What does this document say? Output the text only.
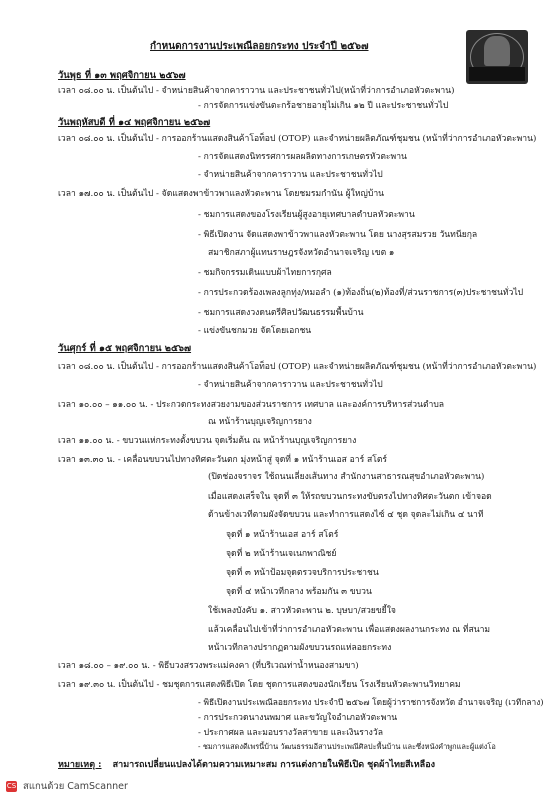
กำหนดการงานประเพณีลอยกระทง ประจำปี ๒๕๖๗
วันพุธ ที่ ๑๓ พฤศจิกายน ๒๕๖๗
เวลา ๐๘.๐๐ น. เป็นต้นไป - จำหน่ายสินค้าจากคาราวาน และประชาชนทั่วไป(หน้าที่ว่าการอำเภอหัวตะพาน)
- การจัดการแข่งขันตะกร้อชายอายุไม่เกิน ๑๒ ปี และประชาชนทั่วไป
วันพฤหัสบดี ที่ ๑๔ พฤศจิกายน ๒๕๖๗
เวลา ๐๘.๐๐ น. เป็นต้นไป - การออกร้านแสดงสินค้าโอท็อป (OTOP) และจำหน่ายผลิตภัณฑ์ชุมชน (หน้าที่ว่าการอำเภอหัวตะพาน)
- การจัดแสดงนิทรรศการผลผลิตทางการเกษตรหัวตะพาน
- จำหน่ายสินค้าจากคาราวาน และประชาชนทั่วไป
เวลา ๑๗.๐๐ น. เป็นต้นไป - จัดแสดงพาข้าวพาแลงหัวตะพาน โดยชมรมกำนัน ผู้ใหญ่บ้าน
- ชมการแสดงของโรงเรียนผู้สูงอายุเทศบาลตำบลหัวตะพาน
- พิธีเปิดงาน จัดแสดงพาข้าวพาแลงหัวตะพาน โดย นางสุรสมรวย วันทนียกุล
สมาชิกสภาผู้แทนราษฎรจังหวัดอำนาจเจริญ เขต ๑
- ชมกิจกรรมเดินแบบผ้าไทยการกุศล
- การประกวดร้องเพลงลูกทุ่ง/หมอลำ (๑)ท้องถิ่น(๒)ท้องที่/ส่วนราชการ(๓)ประชาชนทั่วไป
- ชมการแสดงวงดนตรีศิลปวัฒนธรรมพื้นบ้าน
- แข่งขันชกมวย จัดโดยเอกชน
วันศุกร์ ที่ ๑๕ พฤศจิกายน ๒๕๖๗
เวลา ๐๘.๐๐ น. เป็นต้นไป - การออกร้านแสดงสินค้าโอท็อป (OTOP) และจำหน่ายผลิตภัณฑ์ชุมชน (หน้าที่ว่าการอำเภอหัวตะพาน)
- จำหน่ายสินค้าจากคาราวาน และประชาชนทั่วไป
เวลา ๑๐.๐๐ – ๑๑.๐๐ น. - ประกวดกระทงสวยงามของส่วนราชการ เทศบาล และองค์การบริหารส่วนตำบล
ณ หน้าร้านบุญเจริญการยาง
เวลา ๑๑.๐๐ น. - ขบวนแห่กระทงตั้งขบวน จุดเริ่มต้น ณ หน้าร้านบุญเจริญการยาง
เวลา ๑๓.๓๐ น. - เคลื่อนขบวนไปทางทิศตะวันตก มุ่งหน้าสู่ จุดที่ ๑ หน้าร้านเอส อาร์ สโตร์
(ปิดช่องจราจร ใช้ถนนเลี่ยงเส้นทาง สำนักงานสาธารณสุขอำเภอหัวตะพาน)
เมื่อแสดงเสร็จใน จุดที่ ๓ ให้รถขบวนกระทงขับตรงไปทางทิศตะวันตก เข้าจอด
ด้านข้างเวทีตามผังจัดขบวน และทำการแสดงไซ์ ๔ ชุด จุดละไม่เกิน ๔ นาที
จุดที่ ๑ หน้าร้านเอส อาร์ สโตร์
จุดที่ ๒ หน้าร้านเจเนกพาณิชย์
จุดที่ ๓ หน้าป้อมจุดตรวจบริการประชาชน
จุดที่ ๔ หน้าเวทีกลาง พร้อมกัน ๓ ขบวน
ใช้เพลงบังคับ ๑. สาวหัวตะพาน ๒. บุษบา/สวยขยี้ใจ
แล้วเคลื่อนไปเข้าที่ว่าการอำเภอหัวตะพาน เพื่อแสดงผลงานกระทง ณ ที่สนาม
หน้าเวทีกลางปรากฏตามผังขบวนรถแห่ลอยกระทง
เวลา ๑๘.๐๐ – ๑๙.๐๐ น. - พิธีบวงสรวงพระแม่คงคา (ที่บริเวณท่าน้ำหนองสามขา)
เวลา ๑๙.๓๐ น. เป็นต้นไป - ชมชุดการแสดงพิธีเปิด โดย ชุดการแสดงของนักเรียน โรงเรียนหัวตะพานวิทยาคม
- พิธีเปิดงานประเพณีลอยกระทง ประจำปี ๒๕๖๗ โดยผู้ว่าราชการจังหวัด อำนาจเจริญ (เวทีกลาง)
- การประกวดนางนพมาศ และขวัญใจอำเภอหัวตะพาน
- ประกาศผล และมอบรางวัลสาขาย และเงินรางวัล
- ชมการแสดงดีเพรนี้บ้าน วัฒนธรรมอีสานประเพณีศิลปะพื้นบ้าน และซึ่งหนังคำพูกและผู้แต่งโอ
หมายเหตุ : สามารถเปลี่ยนแปลงได้ตามความเหมาะสม การแต่งกายในพิธีเปิด ชุดผ้าไทยสีเหลือง
CS สแกนด้วย CamScanner
